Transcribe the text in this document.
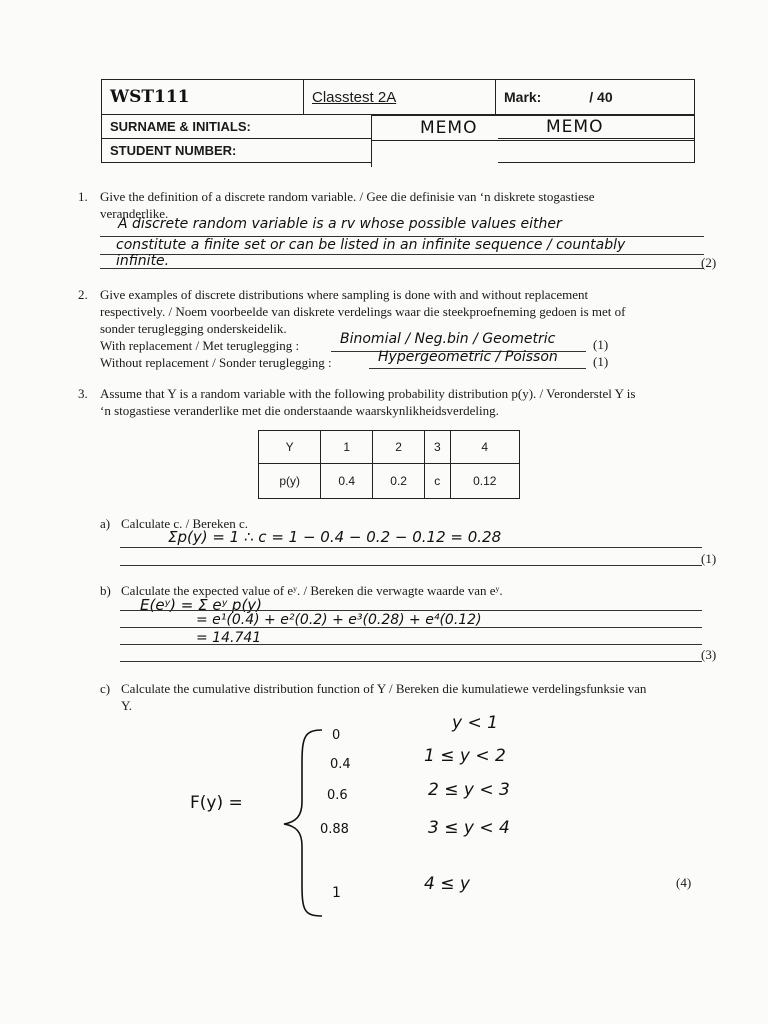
WST111	Classtest 2A	Mark: / 40
SURNAME & INITIALS:		MEMO
STUDENT NUMBER:		
MEMO
1. Give the definition of a discrete random variable. / Gee die definisie van ‘n diskrete stogastiese
veranderlike.
A discrete random variable is a rv whose possible values either
constitute a finite set or can be listed in an infinite sequence / countably
infinite.	(2)
2. Give examples of discrete distributions where sampling is done with and without replacement
respectively. / Noem voorbeelde van diskrete verdelings waar die steekproefneming gedoen is met of
sonder teruglegging onderskeidelik.
With replacement / Met teruglegging :	Binomial / Neg.bin / Geometric	(1)
Without replacement / Sonder teruglegging :	Hypergeometric / Poisson	(1)
3. Assume that Y is a random variable with the following probability distribution p(y). / Veronderstel Y is
‘n stogastiese veranderlike met die onderstaande waarskynlikheidsverdeling.
Y	1	2	3	4
p(y)	0.4	0.2	c	0.12
a) Calculate c. / Bereken c.
Σp(y) = 1 ∴ c = 1 − 0.4 − 0.2 − 0.12 = 0.28
(1)
b) Calculate the expected value of eʸ. / Bereken die verwagte waarde van eʸ.
E(eʸ) = Σ eʸ p(y)
= e¹(0.4) + e²(0.2) + e³(0.28) + e⁴(0.12)
= 14.741
(3)
c) Calculate the cumulative distribution function of Y / Bereken die kumulatiewe verdelingsfunksie van
Y.
F(y) =
0
0.4
0.6
0.88
1
y < 1
1 ≤ y < 2
2 ≤ y < 3
3 ≤ y < 4
4 ≤ y	(4)
